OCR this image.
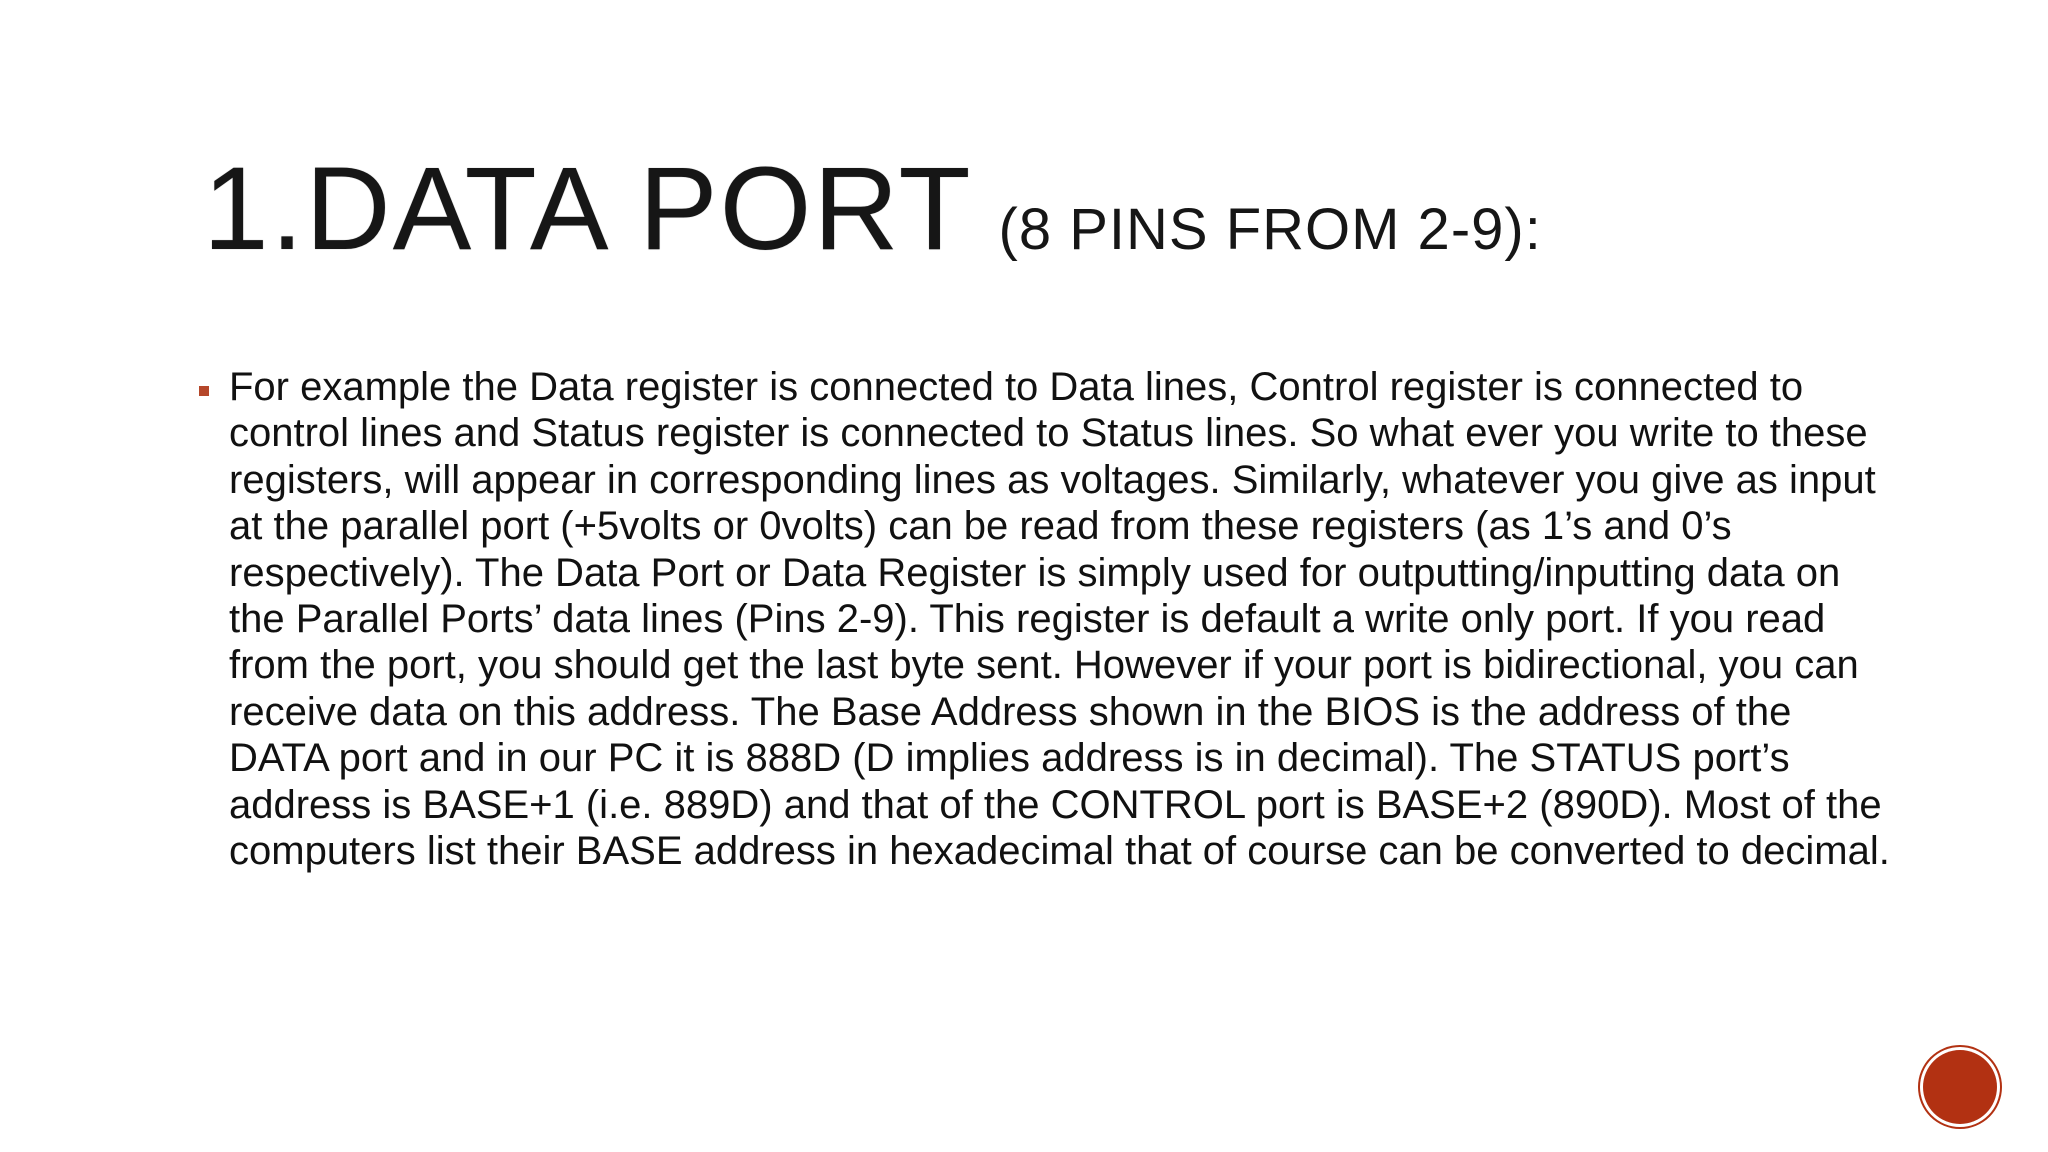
1.DATA PORT (8 PINS FROM 2-9):
For example the Data register is connected to Data lines, Control register is connected to control lines and Status register is connected to Status lines. So what ever you write to these registers, will appear in corresponding lines as voltages. Similarly, whatever you give as input at the parallel port (+5volts or 0volts) can be read from these registers (as 1’s and 0’s respectively). The Data Port or Data Register is simply used for outputting/inputting data on the Parallel Ports’ data lines (Pins 2-9). This register is default a write only port. If you read from the port, you should get the last byte sent. However if your port is bidirectional, you can receive data on this address. The Base Address shown in the BIOS is the address of the DATA port and in our PC it is 888D (D implies address is in decimal). The STATUS port’s address is BASE+1 (i.e. 889D) and that of the CONTROL port is BASE+2 (890D). Most of the computers list their BASE address in hexadecimal that of course can be converted to decimal.
